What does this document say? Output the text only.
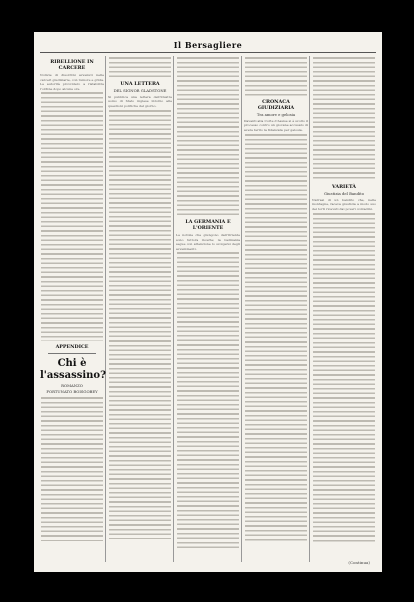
Il Bersagliere
RIBELLIONE IN CARCERE
Notizie di disordini avvenuti nelle carceri giudiziarie, con rumore e grida. Le autorità provvidero a ristabilire l'ordine dopo alcune ore.
APPENDICE
Chi è l'assassino?
ROMANZO
FORTUNATO BOISGOBEY
UNA LETTERA
DEL SIGNOR GLADSTONE
Si pubblica una lettera dell'illustre uomo di Stato inglese intorno alle questioni politiche del giorno.
LA GERMANIA E L'ORIENTE
Le notizie che giungono dall'Oriente sono tuttora incerte; la Germania segue con attenzione lo svolgersi degli avvenimenti.
CRONACA GIUDIZIARIA
Tra amore e gelosia
Davanti alla Corte d'Assise si è svolto il processo contro un giovane accusato di avere ferito la fidanzata per gelosia.
VARIETÀ
Giustizia del Bandito
Narrasi di un bandito che, nelle montagne, faceva giustizia a modo suo dei torti ricevuti dai poveri contadini.
(Continua)
